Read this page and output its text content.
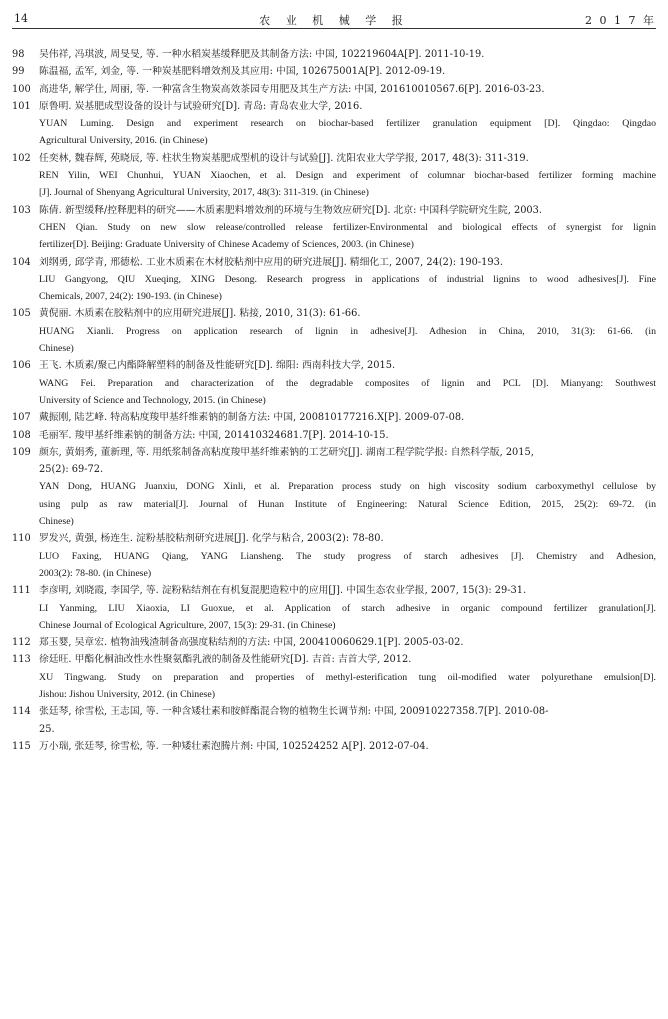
14	农 业 机 械 学 报	2 0 1 7 年
98	吴伟祥, 冯琪波, 周旻旻, 等. 一种水稻炭基缓释肥及其制备方法: 中国, 102219604A[P]. 2011-10-19.
99	陈温福, 孟军, 刘金, 等. 一种炭基肥料增效剂及其应用: 中国, 102675001A[P]. 2012-09-19.
100 高进华, 解学仕, 周丽, 等. 一种富含生物炭高效茶园专用肥及其生产方法: 中国, 201610010567.6[P]. 2016-03-23.
101 原鲁明. 炭基肥成型设备的设计与试验研究[D]. 青岛: 青岛农业大学, 2016.
YUAN Luming. Design and experiment research on biochar-based fertilizer granulation equipment [D]. Qingdao: Qingdao
Agricultural University, 2016. (in Chinese)
102 任奕林, 魏春辉, 苑晓辰, 等. 柱状生物炭基肥成型机的设计与试验[J]. 沈阳农业大学学报, 2017, 48(3): 311-319.
REN Yilin, WEI Chunhui, YUAN Xiaochen, et al. Design and experiment of columnar biochar-based fertilizer forming machine
[J]. Journal of Shenyang Agricultural University, 2017, 48(3): 311-319. (in Chinese)
103 陈倩. 新型缓释/控释肥料的研究——木质素肥料增效剂的环境与生物效应研究[D]. 北京: 中国科学院研究生院, 2003.
CHEN Qian. Study on new slow release/controlled release fertilizer-Environmental and biological effects of synergist for lignin
fertilizer[D]. Beijing: Graduate University of Chinese Academy of Sciences, 2003. (in Chinese)
104 刘纲勇, 邱学青, 邢德松. 工业木质素在木材胶粘剂中应用的研究进展[J]. 精细化工, 2007, 24(2): 190-193.
LIU Gangyong, QIU Xueqing, XING Desong. Research progress in applications of industrial lignins to wood adhesives[J]. Fine
Chemicals, 2007, 24(2): 190-193. (in Chinese)
105 黄倪丽. 木质素在胶粘剂中的应用研究进展[J]. 粘接, 2010, 31(3): 61-66.
HUANG Xianli. Progress on application research of lignin in adhesive[J]. Adhesion in China, 2010, 31(3): 61-66. (in
Chinese)
106 王飞. 木质素/聚己内酯降解塑料的制备及性能研究[D]. 绵阳: 西南科技大学, 2015.
WANG Fei. Preparation and characterization of the degradable composites of lignin and PCL [D]. Mianyang: Southwest
University of Science and Technology, 2015. (in Chinese)
107 戴振刚, 陆艺峰. 特高粘度羧甲基纤维素钠的制备方法: 中国, 200810177216.X[P]. 2009-07-08.
108 毛丽军. 羧甲基纤维素钠的制备方法: 中国, 201410324681.7[P]. 2014-10-15.
109 颜东, 黄娟秀, 董新理, 等. 用纸浆制备高粘度羧甲基纤维素钠的工艺研究[J]. 湖南工程学院学报: 自然科学版, 2015,
25(2): 69-72.
YAN Dong, HUANG Juanxiu, DONG Xinli, et al. Preparation process study on high viscosity sodium carboxymethyl cellulose by
using pulp as raw material[J]. Journal of Hunan Institute of Engineering: Natural Science Edition, 2015, 25(2): 69-72. (in
Chinese)
110 罗发兴, 黄强, 杨连生. 淀粉基胶粘剂研究进展[J]. 化学与粘合, 2003(2): 78-80.
LUO Faxing, HUANG Qiang, YANG Liansheng. The study progress of starch adhesives [J]. Chemistry and Adhesion,
2003(2): 78-80. (in Chinese)
111 李彦明, 刘晓霞, 李国学, 等. 淀粉粘结剂在有机复混肥造粒中的应用[J]. 中国生态农业学报, 2007, 15(3): 29-31.
LI Yanming, LIU Xiaoxia, LI Guoxue, et al. Application of starch adhesive in organic compound fertilizer granulation[J].
Chinese Journal of Ecological Agriculture, 2007, 15(3): 29-31. (in Chinese)
112 郑玉婴, 吴章宏. 植物油残渣制备高强度粘结剂的方法: 中国, 200410060629.1[P]. 2005-03-02.
113 徐廷旺. 甲酯化桐油改性水性聚氨酯乳液的制备及性能研究[D]. 吉首: 吉首大学, 2012.
XU Tingwang. Study on preparation and properties of methyl-esterification tung oil-modified water polyurethane emulsion[D].
Jishou: Jishou University, 2012. (in Chinese)
114 张廷琴, 徐雪松, 王志国, 等. 一种含矮壮素和胺鲜酯混合物的植物生长调节剂: 中国, 200910227358.7[P]. 2010-08-
25.
115 万小瑞, 张廷琴, 徐雪松, 等. 一种矮壮素泡腾片剂: 中国, 102524252 A[P]. 2012-07-04.
